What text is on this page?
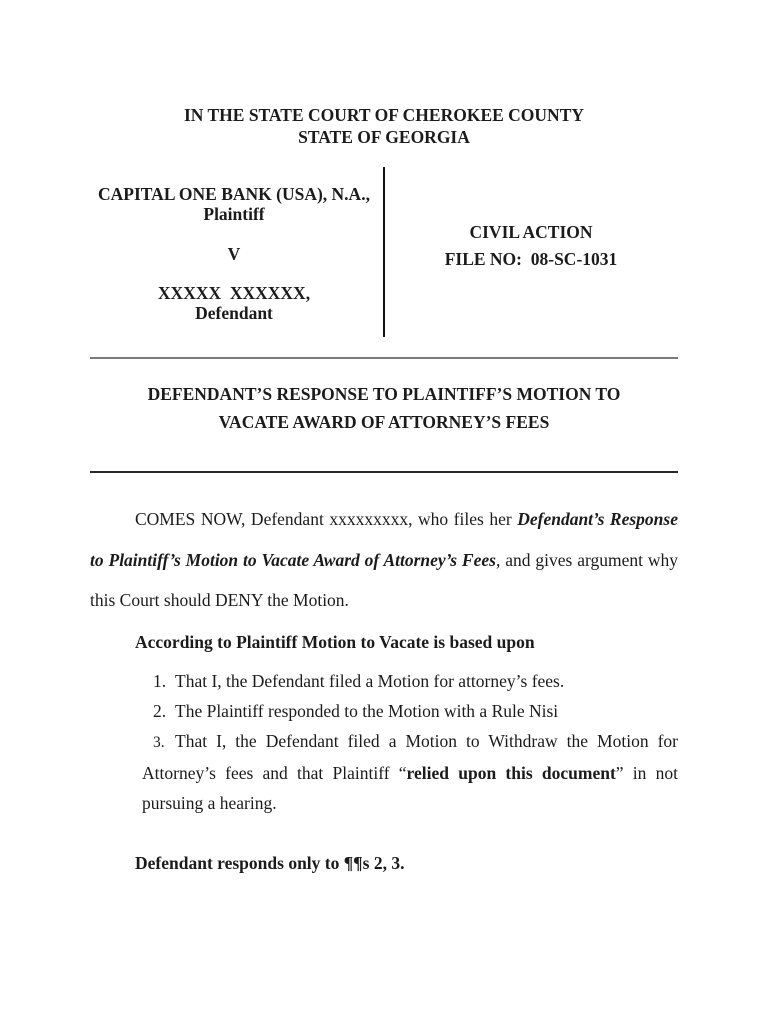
IN THE STATE COURT OF CHEROKEE COUNTY
STATE OF GEORGIA
CAPITAL ONE BANK (USA), N.A.,
Plaintiff
V
XXXXX  XXXXXX,
Defendant
CIVIL ACTION
FILE NO:  08-SC-1031
DEFENDANT’S RESPONSE TO PLAINTIFF’S MOTION TO
VACATE AWARD OF ATTORNEY’S FEES

COMES NOW, Defendant xxxxxxxxx, who files her Defendant’s Response to Plaintiff’s Motion to Vacate Award of Attorney’s Fees, and gives argument why this Court should DENY the Motion.

According to Plaintiff Motion to Vacate is based upon

1. That I, the Defendant filed a Motion for attorney’s fees.

2. The Plaintiff responded to the Motion with a Rule Nisi

3. That I, the Defendant filed a Motion to Withdraw the Motion for Attorney’s fees and that Plaintiff “relied upon this document” in not pursuing a hearing.

Defendant responds only to ¶¶s 2, 3.
